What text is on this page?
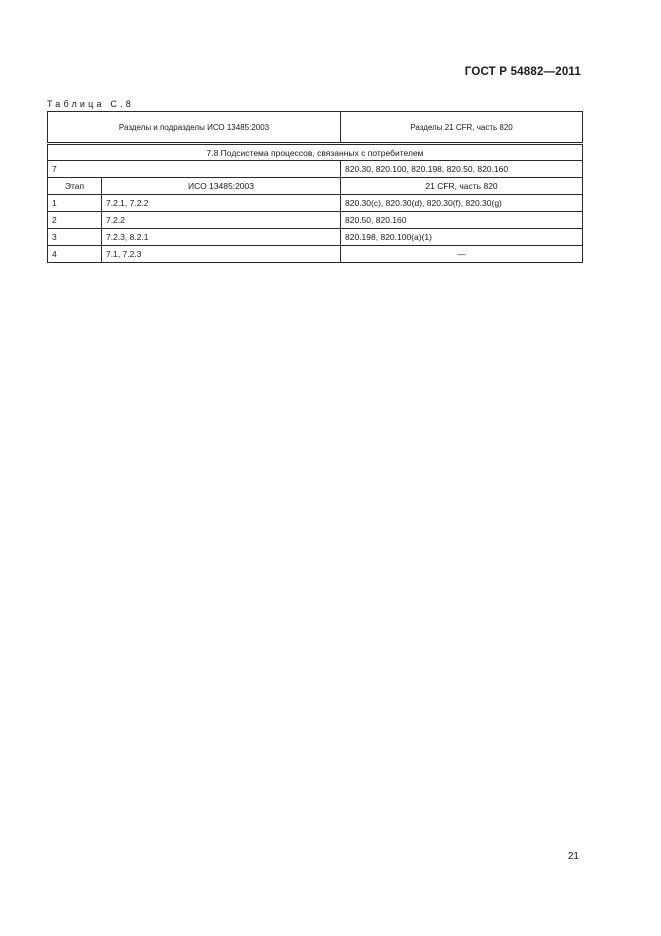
ГОСТ Р 54882—2011
Таблица С.8
Разделы и подразделы ИСО 13485:2003		Разделы 21 CFR, часть 820
7.8 Подсистема процессов, связанных с потребителем		
7		820.30, 820.100, 820.198, 820.50, 820.160
Этап	ИСО 13485:2003	21 CFR, часть 820
1	7.2.1, 7.2.2	820.30(c), 820.30(d), 820.30(f), 820.30(g)
2	7.2.2	820.50, 820.160
3	7.2.3, 8.2.1	820.198, 820.100(a)(1)
4	7.1, 7.2.3	—
21
